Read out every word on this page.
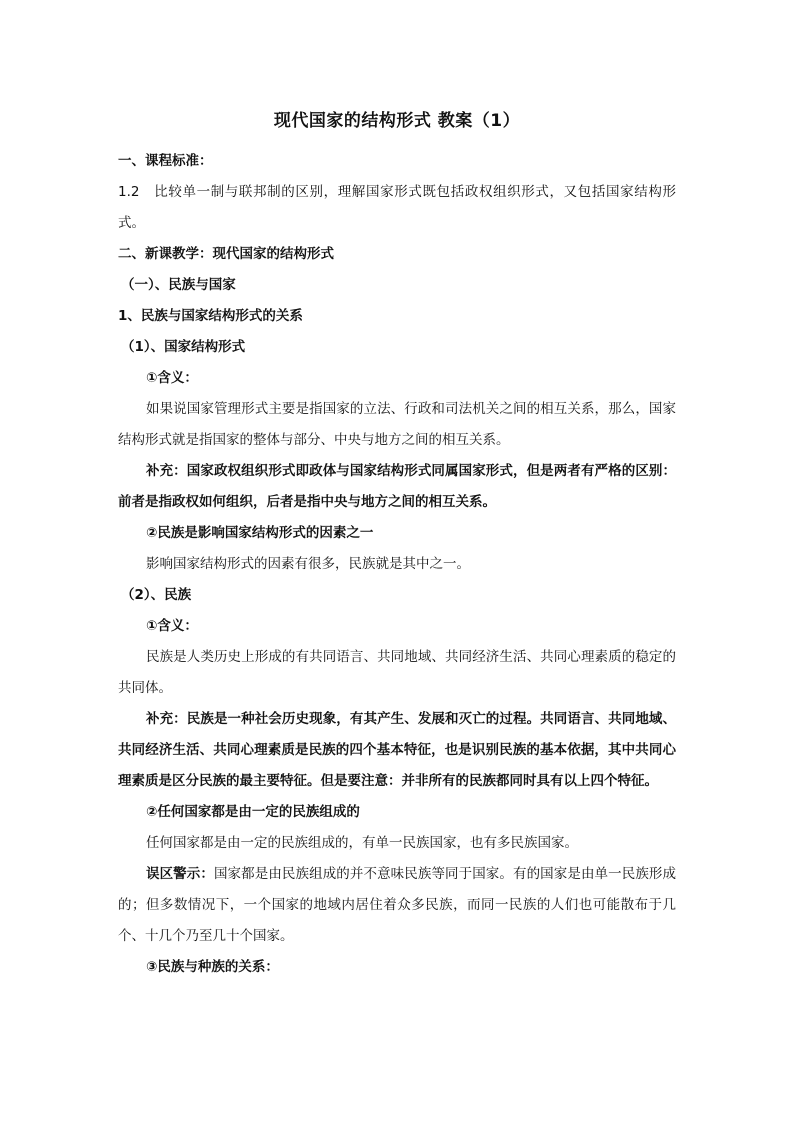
现代国家的结构形式 教案（1）

一、课程标准：

1.2　比较单一制与联邦制的区别，理解国家形式既包括政权组织形式，又包括国家结构形式。

二、新课教学：现代国家的结构形式

（一）、民族与国家

1、民族与国家结构形式的关系

（1）、国家结构形式

①含义：

如果说国家管理形式主要是指国家的立法、行政和司法机关之间的相互关系，那么，国家结构形式就是指国家的整体与部分、中央与地方之间的相互关系。

补充：国家政权组织形式即政体与国家结构形式同属国家形式，但是两者有严格的区别：前者是指政权如何组织，后者是指中央与地方之间的相互关系。

②民族是影响国家结构形式的因素之一

影响国家结构形式的因素有很多，民族就是其中之一。

（2）、民族

①含义：

民族是人类历史上形成的有共同语言、共同地域、共同经济生活、共同心理素质的稳定的共同体。

补充：民族是一种社会历史现象，有其产生、发展和灭亡的过程。共同语言、共同地域、共同经济生活、共同心理素质是民族的四个基本特征，也是识别民族的基本依据，其中共同心理素质是区分民族的最主要特征。但是要注意：并非所有的民族都同时具有以上四个特征。

②任何国家都是由一定的民族组成的

任何国家都是由一定的民族组成的，有单一民族国家，也有多民族国家。

误区警示：国家都是由民族组成的并不意味民族等同于国家。有的国家是由单一民族形成的；但多数情况下，一个国家的地域内居住着众多民族，而同一民族的人们也可能散布于几个、十几个乃至几十个国家。

③民族与种族的关系：
